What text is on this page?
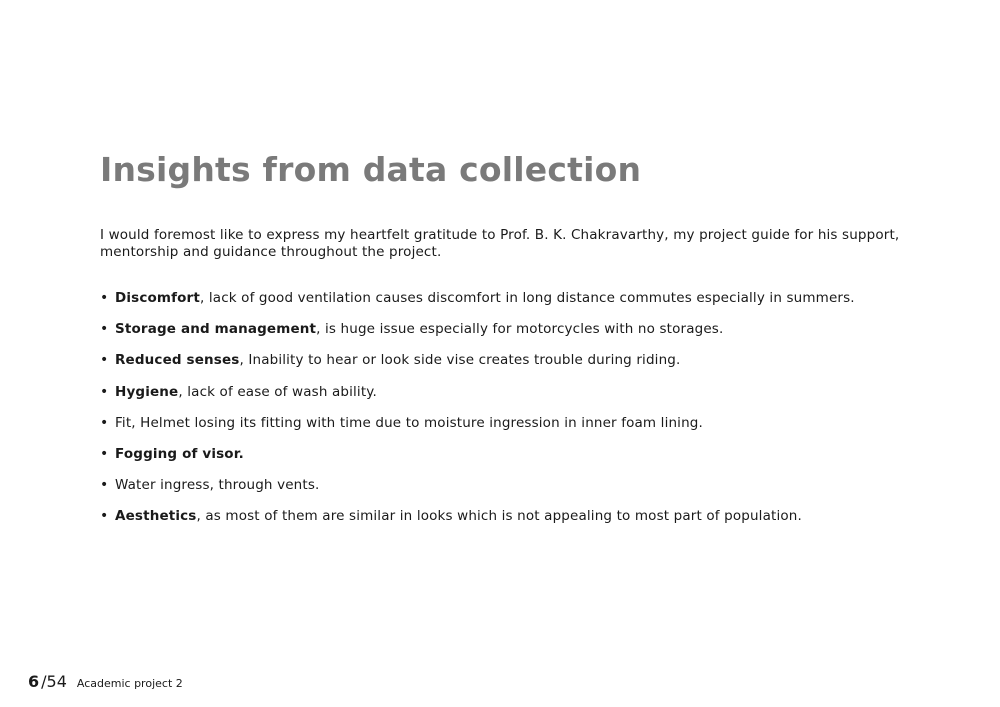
Insights from data collection

I would foremost like to express my heartfelt gratitude to Prof. B. K. Chakravarthy, my project guide for his support, mentorship and guidance throughout the project.

• Discomfort, lack of good ventilation causes discomfort in long distance commutes especially in summers.
• Storage and management, is huge issue especially for motorcycles with no storages.
• Reduced senses, Inability to hear or look side vise creates trouble during riding.
• Hygiene, lack of ease of wash ability.
• Fit, Helmet losing its fitting with time due to moisture ingression in inner foam lining.
• Fogging of visor.
• Water ingress, through vents.
• Aesthetics, as most of them are similar in looks which is not appealing to most part of population.
6 /54 Academic project 2
